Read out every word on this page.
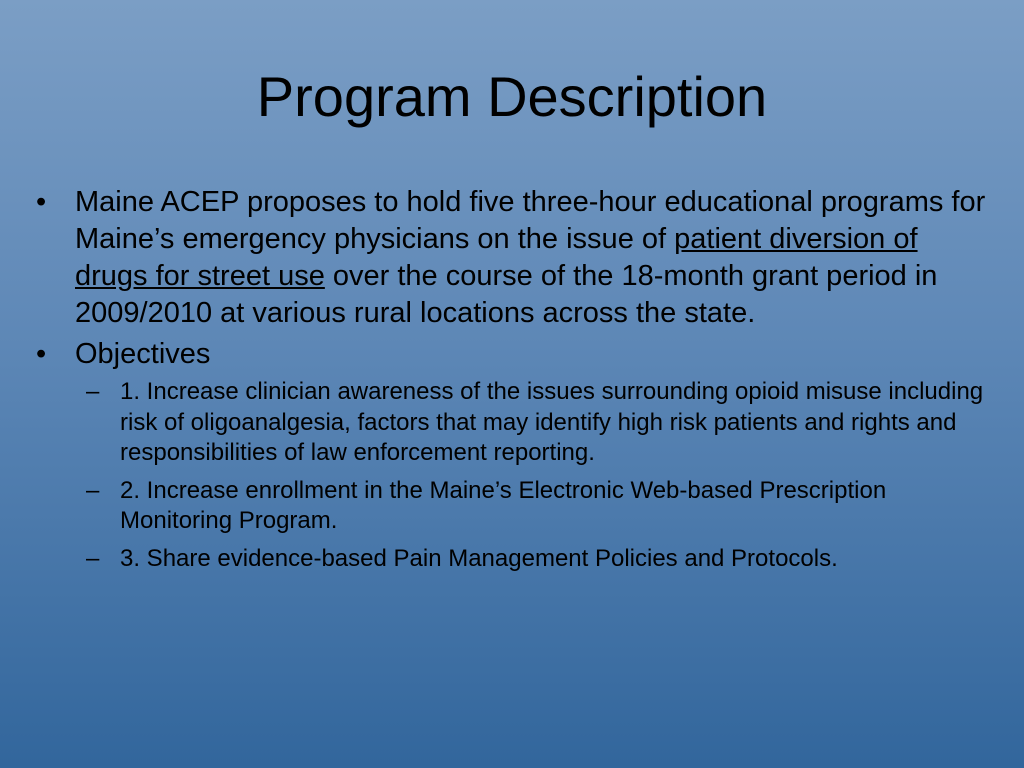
Program Description
• Maine ACEP proposes to hold five three-hour educational programs for Maine’s emergency physicians on the issue of patient diversion of drugs for street use over the course of the 18-month grant period in 2009/2010 at various rural locations across the state.
• Objectives
– 1. Increase clinician awareness of the issues surrounding opioid misuse including risk of oligoanalgesia, factors that may identify high risk patients and rights and responsibilities of law enforcement reporting.
– 2. Increase enrollment in the Maine’s Electronic Web-based Prescription Monitoring Program.
– 3. Share evidence-based Pain Management Policies and Protocols.
